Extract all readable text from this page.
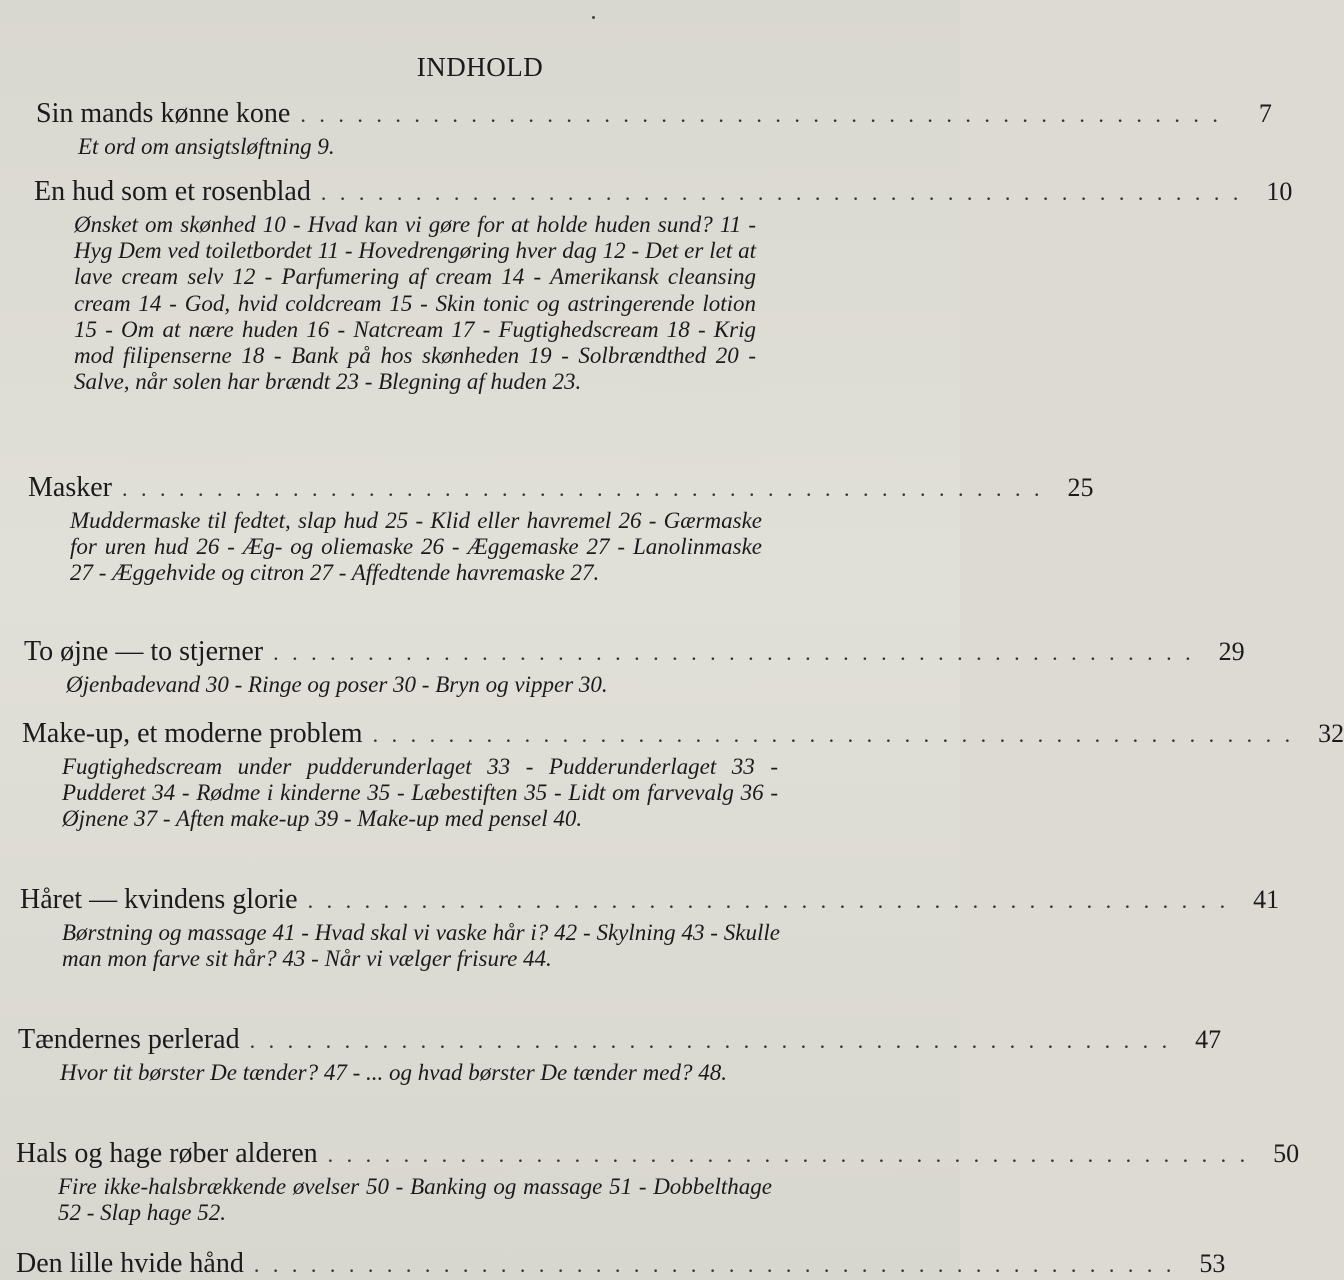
INDHOLD
Sin mands kønne kone . . . . . . . . . . . . . . . . . . . . . . . . . . . . . . . . . . . . . . . . . . . . . . . . .	7
Et ord om ansigtsløftning 9.
En hud som et rosenblad . . . . . . . . . . . . . . . . . . . . . . . . . . . . . . . . . . . . . . . . . . . . . . . . . 10
Ønsket om skønhed 10 - Hvad kan vi gøre for at holde huden sund? 11 - Hyg Dem ved toiletbordet 11 - Hovedrengøring hver dag 12 - Det er let at lave cream selv 12 - Parfumering af cream 14 - Amerikansk cleansing cream 14 - God, hvid coldcream 15 - Skin tonic og astringerende lotion 15 - Om at nære huden 16 - Natcream 17 - Fugtighedscream 18 - Krig mod filipenserne 18 - Bank på hos skønheden 19 - Solbrændthed 20 - Salve, når solen har brændt 23 - Blegning af huden 23.
Masker . . . . . . . . . . . . . . . . . . . . . . . . . . . . . . . . . . . . . . . . . . . . . . . . . 25
Muddermaske til fedtet, slap hud 25 - Klid eller havremel 26 - Gærmaske for uren hud 26 - Æg- og oliemaske 26 - Æggemaske 27 - Lanolinmaske 27 - Æggehvide og citron 27 - Affedtende havremaske 27.
To øjne — to stjerner . . . . . . . . . . . . . . . . . . . . . . . . . . . . . . . . . . . . . . . . . . . . . . . . . 29
Øjenbadevand 30 - Ringe og poser 30 - Bryn og vipper 30.
Make-up, et moderne problem . . . . . . . . . . . . . . . . . . . . . . . . . . . . . . . . . . . . . . . . . . . . . . . . . 32
Fugtighedscream under pudderunderlaget 33 - Pudderunderlaget 33 - Pudderet 34 - Rødme i kinderne 35 - Læbestiften 35 - Lidt om farvevalg 36 - Øjnene 37 - Aften make-up 39 - Make-up med pensel 40.
Håret — kvindens glorie . . . . . . . . . . . . . . . . . . . . . . . . . . . . . . . . . . . . . . . . . . . . . . . . . 41
Børstning og massage 41 - Hvad skal vi vaske hår i? 42 - Skylning 43 - Skulle man mon farve sit hår? 43 - Når vi vælger frisure 44.
Tændernes perlerad . . . . . . . . . . . . . . . . . . . . . . . . . . . . . . . . . . . . . . . . . . . . . . . . . 47
Hvor tit børster De tænder? 47 - ... og hvad børster De tænder med? 48.
Hals og hage røber alderen . . . . . . . . . . . . . . . . . . . . . . . . . . . . . . . . . . . . . . . . . . . . . . . . . 50
Fire ikke-halsbrækkende øvelser 50 - Banking og massage 51 - Dobbelthage 52 - Slap hage 52.
Den lille hvide hånd . . . . . . . . . . . . . . . . . . . . . . . . . . . . . . . . . . . . . . . . . . . . . . . . . 53
